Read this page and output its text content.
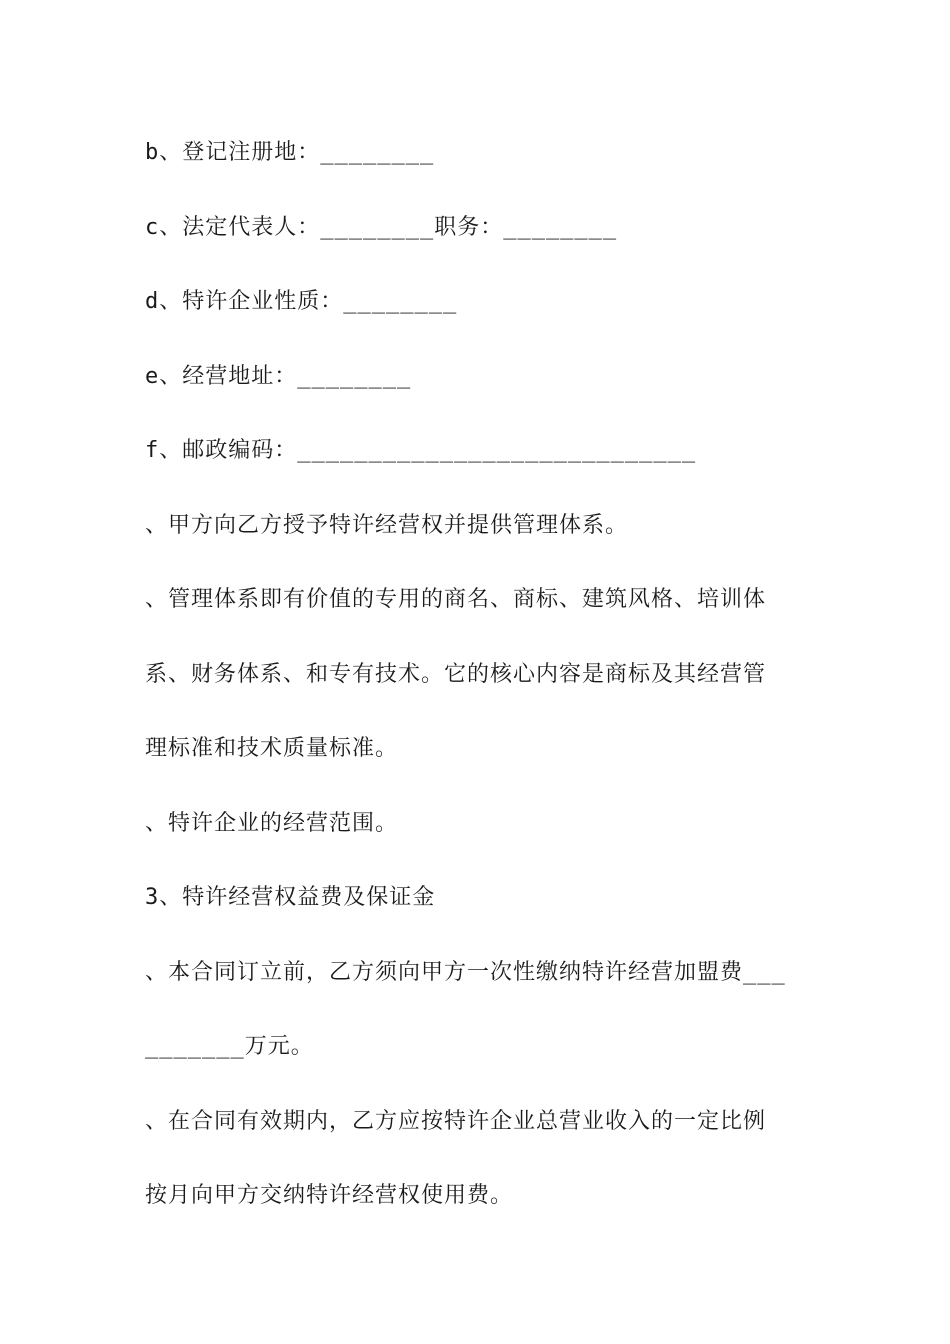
b、登记注册地：________

c、法定代表人：________职务：________

d、特许企业性质：________

e、经营地址：________

f、邮政编码：____________________________

、甲方向乙方授予特许经营权并提供管理体系。

、管理体系即有价值的专用的商名、商标、建筑风格、培训体

系、财务体系、和专有技术。它的核心内容是商标及其经营管

理标准和技术质量标准。

、特许企业的经营范围。

3、特许经营权益费及保证金

、本合同订立前，乙方须向甲方一次性缴纳特许经营加盟费___

_______万元。

、在合同有效期内，乙方应按特许企业总营业收入的一定比例

按月向甲方交纳特许经营权使用费。
